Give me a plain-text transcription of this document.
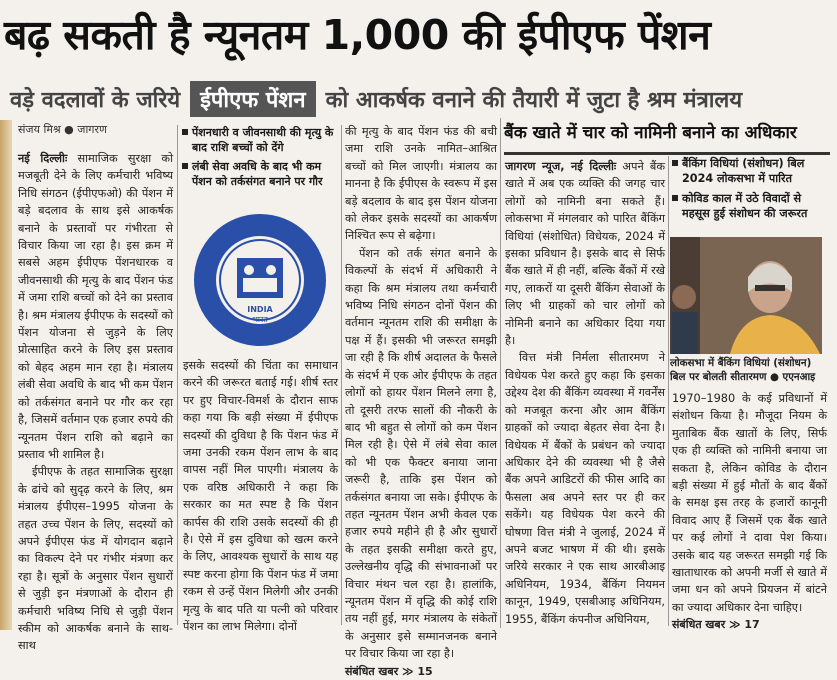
बढ़ सकती है न्यूनतम 1,000 की ईपीएफ पेंशन
वड़े वदलावों के जरिये ईपीएफ पेंशन को आकर्षक वनाने की तैयारी में जुटा है श्रम मंत्रालय
संजय मिश्र ● जागरण

नई दिल्लीः सामाजिक सुरक्षा को मजबूती देने के लिए कर्मचारी भविष्य निधि संगठन (ईपीएफओ) की पेंशन में बड़े बदलाव के साथ इसे आकर्षक बनाने के प्रस्तावों पर गंभीरता से विचार किया जा रहा है। इस क्रम में सबसे अहम ईपीएफ पेंशनधारक व जीवनसाथी की मृत्यु के बाद पेंशन फंड में जमा राशि बच्चों को देने का प्रस्ताव है। श्रम मंत्रालय ईपीएफ के सदस्यों को पेंशन योजना से जुड़ने के लिए प्रोत्साहित करने के लिए इस प्रस्ताव को बेहद अहम मान रहा है। मंत्रालय लंबी सेवा अवधि के बाद भी कम पेंशन को तर्कसंगत बनाने पर गौर कर रहा है, जिसमें वर्तमान एक हजार रुपये की न्यूनतम पेंशन राशि को बढ़ाने का प्रस्ताव भी शामिल है।

ईपीएफ के तहत सामाजिक सुरक्षा के ढांचे को सुदृढ़ करने के लिए, श्रम मंत्रालय ईपीएस–1995 योजना के तहत उच्च पेंशन के लिए, सदस्यों को अपने ईपीएस फंड में योगदान बढ़ाने का विकल्प देने पर गंभीर मंत्रणा कर रहा है। सूत्रों के अनुसार पेंशन सुधारों से जुड़ी इन मंत्रणाओं के दौरान ही कर्मचारी भविष्य निधि से जुड़ी पेंशन स्कीम को आकर्षक बनाने के साथ-साथ

पेंशनधारी व जीवनसाथी की मृत्यु के बाद राशि बच्चों को देंगे
लंबी सेवा अवधि के बाद भी कम पेंशन को तर्कसंगत बनाने पर गौर
INDIA
भारत

इसके सदस्यों की चिंता का समाधान करने की जरूरत बताई गई। शीर्ष स्तर पर हुए विचार-विमर्श के दौरान साफ कहा गया कि बड़ी संख्या में ईपीएफ सदस्यों की दुविधा है कि पेंशन फंड में जमा उनकी रकम पेंशन लाभ के बाद वापस नहीं मिल पाएगी। मंत्रालय के एक वरिष्ठ अधिकारी ने कहा कि सरकार का मत स्पष्ट है कि पेंशन कार्पस की राशि उसके सदस्यों की ही है। ऐसे में इस दुविधा को खत्म करने के लिए, आवश्यक सुधारों के साथ यह स्पष्ट करना होगा कि पेंशन फंड में जमा रकम से उन्हें पेंशन मिलेगी और उनकी मृत्यु के बाद पति या पत्नी को परिवार पेंशन का लाभ मिलेगा। दोनों

की मृत्यु के बाद पेंशन फंड की बची जमा राशि उनके नामित–आश्रित बच्चों को मिल जाएगी। मंत्रालय का मानना है कि ईपीएस के स्वरूप में इस बड़े बदलाव के बाद इस पेंशन योजना को लेकर इसके सदस्यों का आकर्षण निश्चित रूप से बढ़ेगा।

पेंशन को तर्क संगत बनाने के विकल्पों के संदर्भ में अधिकारी ने कहा कि श्रम मंत्रालय तथा कर्मचारी भविष्य निधि संगठन दोनों पेंशन की वर्तमान न्यूनतम राशि की समीक्षा के पक्ष में हैं। इसकी भी जरूरत समझी जा रही है कि शीर्ष अदालत के फैसले के संदर्भ में एक ओर ईपीएफ के तहत लोगों को हायर पेंशन मिलने लगा है, तो दूसरी तरफ सालों की नौकरी के बाद भी बहुत से लोगों को कम पेंशन मिल रही है। ऐसे में लंबे सेवा काल को भी एक फैक्टर बनाया जाना जरूरी है, ताकि इस पेंशन को तर्कसंगत बनाया जा सके। ईपीएफ के तहत न्यूनतम पेंशन अभी केवल एक हजार रुपये महीने ही है और सुधारों के तहत इसकी समीक्षा करते हुए, उल्लेखनीय वृद्धि की संभावनाओं पर विचार मंथन चल रहा है। हालांकि, न्यूनतम पेंशन में वृद्धि की कोई राशि तय नहीं हुई, मगर मंत्रालय के संकेतों के अनुसार इसे सम्मानजनक बनाने पर विचार किया जा रहा है।

संबंधित खबर ≫ 15
बैंक खाते में चार को नामिनी बनाने का अधिकार

जागरण न्यूज, नई दिल्लीः अपने बैंक खाते में अब एक व्यक्ति की जगह चार लोगों को नामिनी बना सकते हैं। लोकसभा में मंगलवार को पारित बैंकिंग विधियां (संशोधित) विधेयक, 2024 में इसका प्रविधान है। इसके बाद से सिर्फ बैंक खाते में ही नहीं, बल्कि बैंकों में रखे गए, लाकरों या दूसरी बैंकिंग सेवाओं के लिए भी ग्राहकों को चार लोगों को नोमिनी बनाने का अधिकार दिया गया है।

वित्त मंत्री निर्मला सीतारमण ने विधेयक पेश करते हुए कहा कि इसका उद्देश्य देश की बैंकिंग व्यवस्था में गवर्नेंस को मजबूत करना और आम बैंकिंग ग्राहकों को ज्यादा बेहतर सेवा देना है। विधेयक में बैंकों के प्रबंधन को ज्यादा अधिकार देने की व्यवस्था भी है जैसे बैंक अपने आडिटरों की फीस आदि का फैसला अब अपने स्तर पर ही कर सकेंगे। यह विधेयक पेश करने की घोषणा वित्त मंत्री ने जुलाई, 2024 में अपने बजट भाषण में की थी। इसके जरिये सरकार ने एक साथ आरबीआइ अधिनियम, 1934, बैंकिंग नियमन कानून, 1949, एसबीआइ अधिनियम, 1955, बैंकिंग कंपनीज अधिनियम,

बैंकिंग विधियां (संशोधन) बिल 2024 लोकसभा में पारित
कोविड काल में उठे विवादों से महसूस हुई संशोधन की जरूरत
लोकसभा में बैंकिंग विधियां (संशोधन) बिल पर बोलती सीतारमण ● एएनआइ

1970–1980 के कई प्रविधानों में संशोधन किया है। मौजूदा नियम के मुताबिक बैंक खातों के लिए, सिर्फ एक ही व्यक्ति को नामिनी बनाया जा सकता है, लेकिन कोविड के दौरान बड़ी संख्या में हुई मौतों के बाद बैंकों के समक्ष इस तरह के हजारों कानूनी विवाद आए हैं जिसमें एक बैंक खाते पर कई लोगों ने दावा पेश किया। उसके बाद यह जरूरत समझी गई कि खाताधारक को अपनी मर्जी से खाते में जमा धन को अपने प्रियजन में बांटने का ज्यादा अधिकार देना चाहिए।

संबंधित खबर ≫ 17
